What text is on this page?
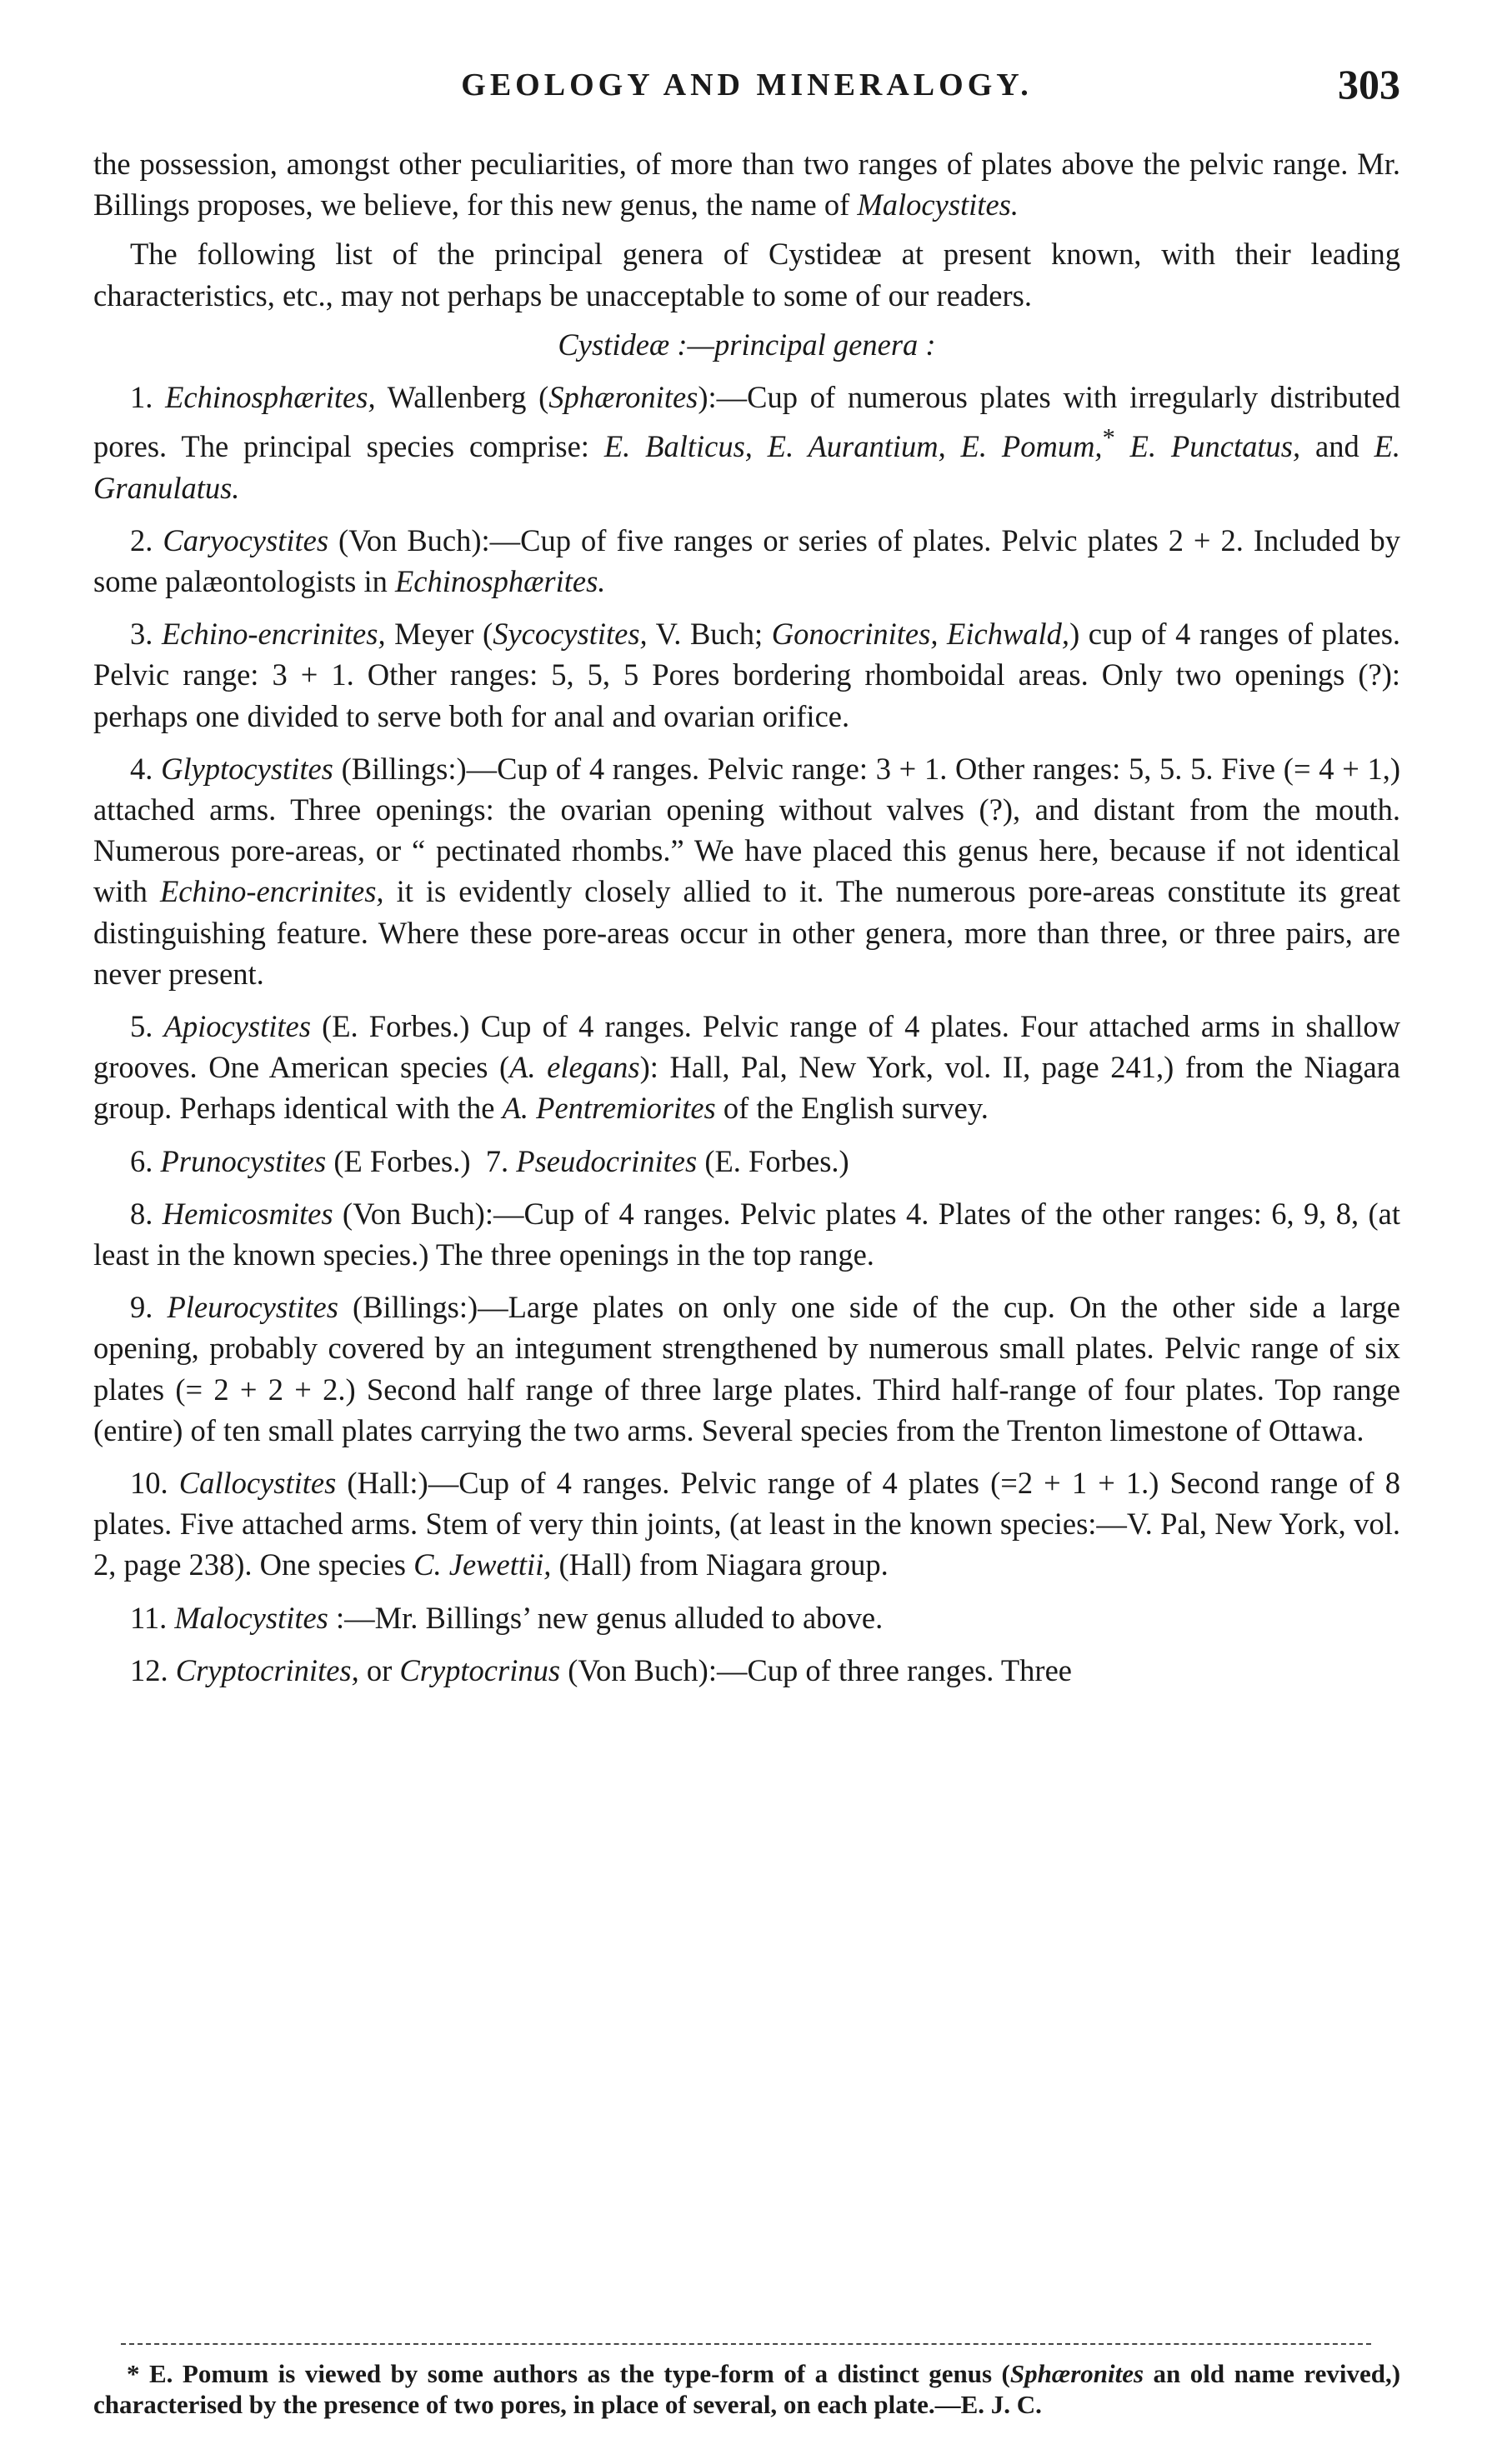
GEOLOGY AND MINERALOGY.	303

the possession, amongst other peculiarities, of more than two ranges of plates above the pelvic range. Mr. Billings proposes, we believe, for this new genus, the name of Malocystites.

The following list of the principal genera of Cystideæ at present known, with their leading characteristics, etc., may not perhaps be unacceptable to some of our readers.

Cystideæ :—principal genera :

1. Echinosphærites, Wallenberg (Sphæronites):—Cup of numerous plates with irregularly distributed pores. The principal species comprise: E. Balticus, E. Aurantium, E. Pomum,* E. Punctatus, and E. Granulatus.

2. Caryocystites (Von Buch):—Cup of five ranges or series of plates. Pelvic plates 2 + 2. Included by some palæontologists in Echinosphærites.

3. Echino-encrinites, Meyer (Sycocystites, V. Buch; Gonocrinites, Eichwald,) cup of 4 ranges of plates. Pelvic range: 3 + 1. Other ranges: 5, 5, 5 Pores bordering rhomboidal areas. Only two openings (?): perhaps one divided to serve both for anal and ovarian orifice.

4. Glyptocystites (Billings:)—Cup of 4 ranges. Pelvic range: 3 + 1. Other ranges: 5, 5. 5. Five (= 4 + 1,) attached arms. Three openings: the ovarian opening without valves (?), and distant from the mouth. Numerous pore-areas, or “ pectinated rhombs.” We have placed this genus here, because if not identical with Echino-encrinites, it is evidently closely allied to it. The numerous pore-areas constitute its great distinguishing feature. Where these pore-areas occur in other genera, more than three, or three pairs, are never present.

5. Apiocystites (E. Forbes.) Cup of 4 ranges. Pelvic range of 4 plates. Four attached arms in shallow grooves. One American species (A. elegans): Hall, Pal, New York, vol. II, page 241,) from the Niagara group. Perhaps identical with the A. Pentremiorites of the English survey.

6. Prunocystites (E Forbes.) 7. Pseudocrinites (E. Forbes.)

8. Hemicosmites (Von Buch):—Cup of 4 ranges. Pelvic plates 4. Plates of the other ranges: 6, 9, 8, (at least in the known species.) The three openings in the top range.

9. Pleurocystites (Billings:)—Large plates on only one side of the cup. On the other side a large opening, probably covered by an integument strengthened by numerous small plates. Pelvic range of six plates (= 2 + 2 + 2.) Second half range of three large plates. Third half-range of four plates. Top range (entire) of ten small plates carrying the two arms. Several species from the Trenton limestone of Ottawa.

10. Callocystites (Hall:)—Cup of 4 ranges. Pelvic range of 4 plates (=2 + 1 + 1.) Second range of 8 plates. Five attached arms. Stem of very thin joints, (at least in the known species:—V. Pal, New York, vol. 2, page 238). One species C. Jewettii, (Hall) from Niagara group.

11. Malocystites :—Mr. Billings’ new genus alluded to above.

12. Cryptocrinites, or Cryptocrinus (Von Buch):—Cup of three ranges. Three

* E. Pomum is viewed by some authors as the type-form of a distinct genus (Sphæronites an old name revived,) characterised by the presence of two pores, in place of several, on each plate.—E. J. C.
